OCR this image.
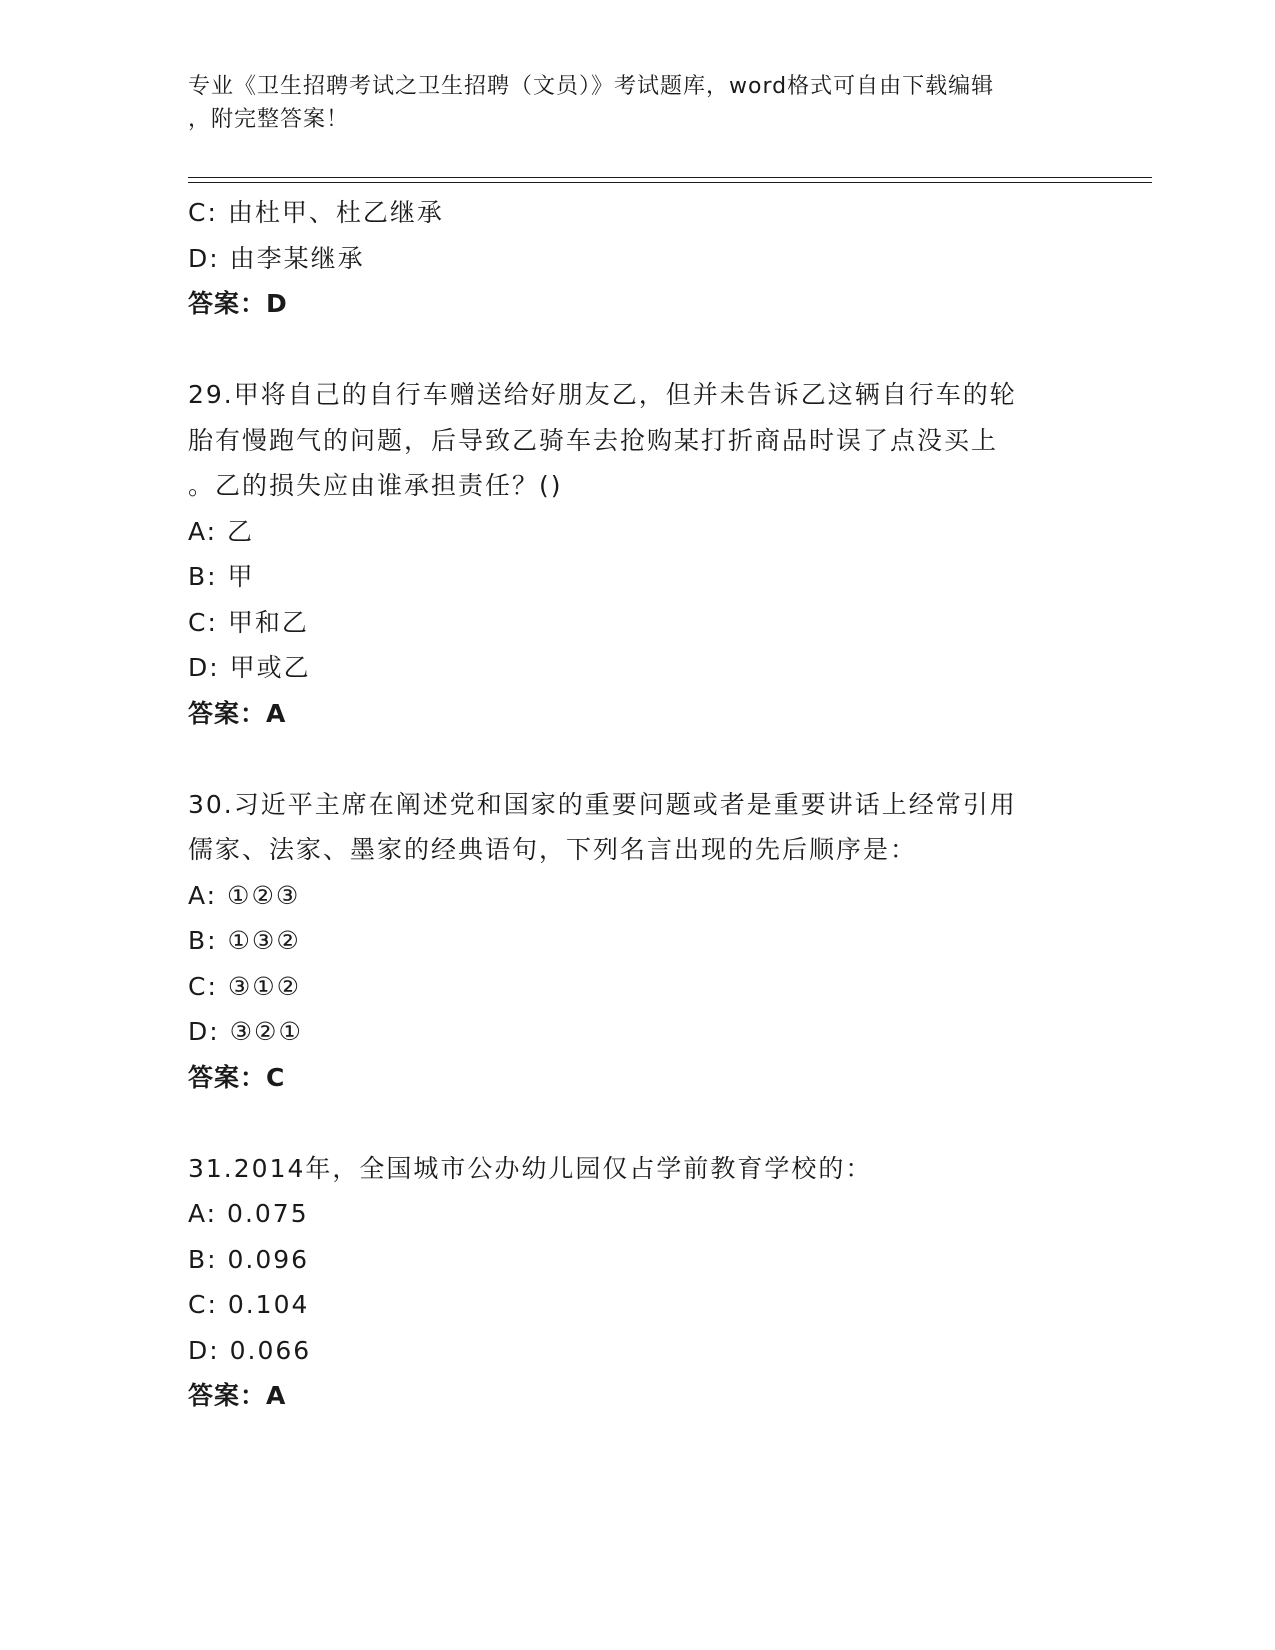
专业《卫生招聘考试之卫生招聘（文员）》考试题库，word格式可自由下载编辑
，附完整答案！
C: 由杜甲、杜乙继承
D: 由李某继承
答案：D
29.甲将自己的自行车赠送给好朋友乙，但并未告诉乙这辆自行车的轮
胎有慢跑气的问题，后导致乙骑车去抢购某打折商品时误了点没买上
。乙的损失应由谁承担责任？()
A: 乙
B: 甲
C: 甲和乙
D: 甲或乙
答案：A
30.习近平主席在阐述党和国家的重要问题或者是重要讲话上经常引用
儒家、法家、墨家的经典语句，下列名言出现的先后顺序是：
A: ①②③
B: ①③②
C: ③①②
D: ③②①
答案：C
31.2014年，全国城市公办幼儿园仅占学前教育学校的：
A: 0.075
B: 0.096
C: 0.104
D: 0.066
答案：A
